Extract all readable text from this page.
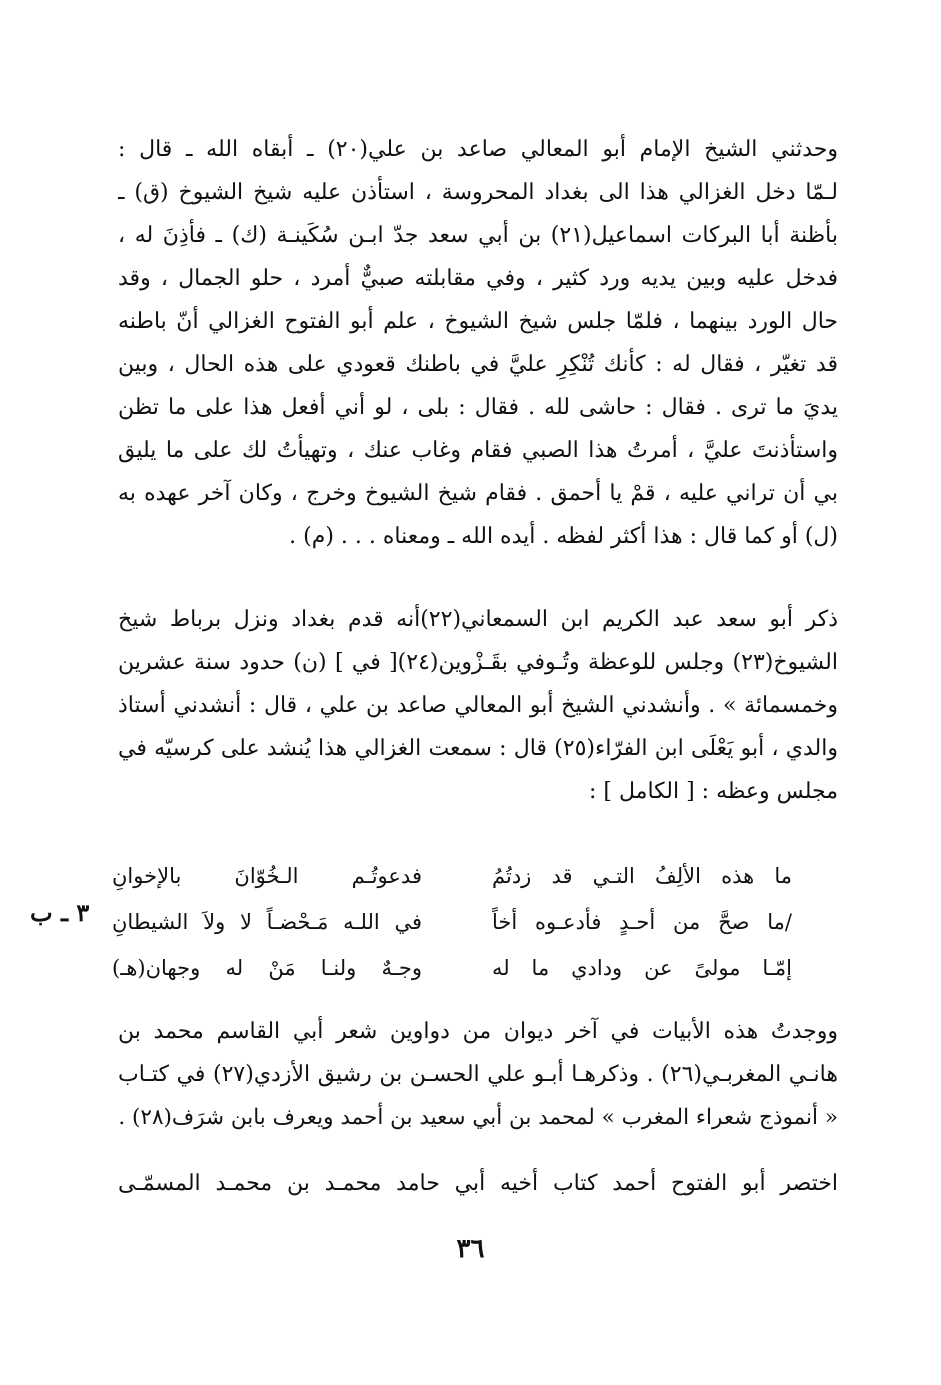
وحدثني الشيخ الإمام أبو المعالي صاعد بن علي(٢٠) ـ أبقاه الله ـ قال :
لـمّا دخل الغزالي هذا الى بغداد المحروسة ، استأذن عليه شيخ الشيوخ (ق) ـ
بأظنة أبا البركات اسماعيل(٢١) بن أبي سعد جدّ ابـن سُكَينـة (ك) ـ فأذِنَ له ،
فدخل عليه وبين يديه ورد كثير ، وفي مقابلته صبيٌّ أمرد ، حلو الجمال ، وقد
حال الورد بينهما ، فلمّا جلس شيخ الشيوخ ، علم أبو الفتوح الغزالي أنّ باطنه
قد تغيّر ، فقال له : كأنك تُنْكِرِ عليَّ في باطنك قعودي على هذه الحال ، وبين
يديَ ما ترى . فقال : حاشى لله . فقال : بلى ، لو أني أفعل هذا على ما تظن
واستأذنتَ عليَّ ، أمرتُ هذا الصبي فقام وغاب عنك ، وتهيأتُ لك على ما يليق
بي أن تراني عليه ، قمْ يا أحمق . فقام شيخ الشيوخ وخرج ، وكان آخر عهده به
(ل) أو كما قال : هذا أكثر لفظه . أيده الله ـ ومعناه . . . (م) .
ذكر أبو سعد عبد الكريم ابن السمعاني(٢٢)أنه قدم بغداد ونزل برباط شيخ
الشيوخ(٢٣) وجلس للوعظة وتُـوفي بقَـزْوين(٢٤)[ في ] (ن) حدود سنة عشرين
وخمسمائة » . وأنشدني الشيخ أبو المعالي صاعد بن علي ، قال : أنشدني أستاذ
والدي ، أبو يَعْلَى ابن الفرّاء(٢٥) قال : سمعت الغزالي هذا يُنشد على كرسيّه في
مجلس وعظه : [ الكامل ] :
ما هذه الألِفُ التـي قد زدتُمُ
فدعوتُـم الـخُوّانَ بالإخوانِ
/ما صحَّ من أحـدٍ فأدعـوه أخاً
في اللـه مَـحْضـاً لا ولاَ الشيطانِ
إمّـا مولىً عن ودادي ما له
وجـهٌ ولنـا مَنْ له وجهان(هـ)
٣ ـ ب
ووجدتُ هذه الأبيات في آخر ديوان من دواوين شعر أبي القاسم محمد بن
هانـي المغربـي(٢٦) . وذكرهـا أبـو علي الحسـن بن رشيق الأزدي(٢٧) في كتـاب
« أنموذج شعراء المغرب » لمحمد بن أبي سعيد بن أحمد ويعرف بابن شرَف(٢٨) .
اختصر أبو الفتوح أحمد كتاب أخيه أبي حامد محمـد بن محمـد المسمّـى
٣٦
